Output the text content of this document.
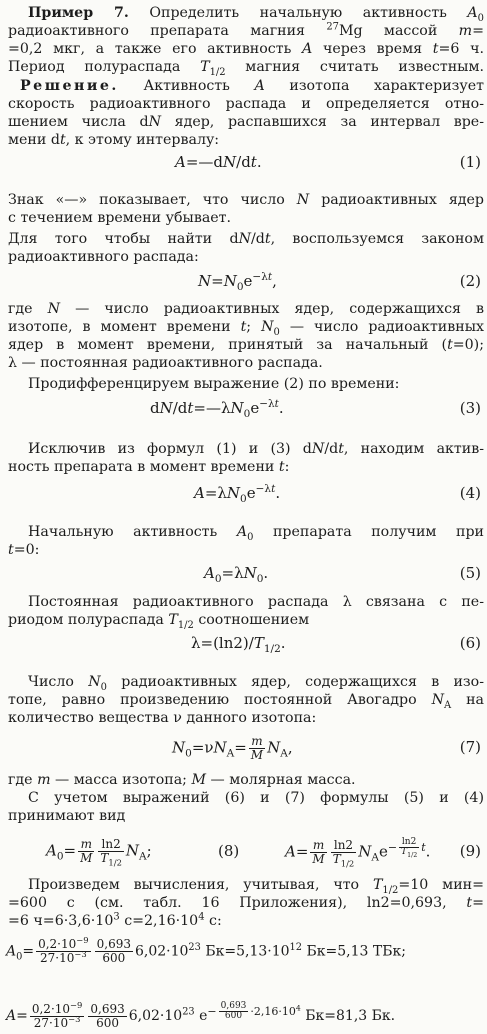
Пример 7. Определить начальную активность $A_0$
радиоактивного препарата магния $^{27}$Mg массой m=
=0,2 мкг, а также его активность A через время t=6 ч.
Период полураспада $T_{1/2}$ магния считать известным.
Решение. Активность A изотопа характеризует
скорость радиоактивного распада и определяется отно-
шением числа dN ядер, распавшихся за интервал вре-
мени dt, к этому интервалу:
A=—dN/dt.	(1)
Знак «—» показывает, что число N радиоактивных ядер
с течением времени убывает.
Для того чтобы найти dN/dt, воспользуемся законом
радиоактивного распада:
$N=N_0e^{-\lambda t}$,	(2)
где N — число радиоактивных ядер, содержащихся в
изотопе, в момент времени t; $N_0$ — число радиоактивных
ядер в момент времени, принятый за начальный (t=0);
λ — постоянная радиоактивного распада.
Продифференцируем выражение (2) по времени:
$dN/dt=—\lambda N_0e^{-\lambda t}$.	(3)
Исключив из формул (1) и (3) dN/dt, находим актив-
ность препарата в момент времени t:
$A=\lambda N_0e^{-\lambda t}$.	(4)
Начальную активность $A_0$ препарата получим при
t=0:
$A_0=\lambda N_0$.	(5)
Постоянная радиоактивного распада λ связана с пе-
риодом полураспада $T_{1/2}$ соотношением
$\lambda=(\ln 2)/T_{1/2}$.	(6)
Число $N_0$ радиоактивных ядер, содержащихся в изо-
топе, равно произведению постоянной Авогадро $N_A$ на
количество вещества ν данного изотопа:
$N_0=\nu N_A= \frac{m}{M} N_A$,	(7)
где m — масса изотопа; M — молярная масса.
С учетом выражений (6) и (7) формулы (5) и (4)
принимают вид
$A_0= \frac{m}{M} \frac{\ln 2}{T_{1/2}} N_A$;	(8)	$A= \frac{m}{M} \frac{\ln 2}{T_{1/2}} N_Ae^{- \frac{\ln 2}{T_{1/2}} t}$. (9)
Произведем вычисления, учитывая, что $T_{1/2}=10$ мин=
=600 с (см. табл. 16 Приложения), ln2=0,693, t=
=6 $ч=6\cdot 3,6\cdot 10^3$ $с=2,16\cdot 10^4$ с:
$A_0= \frac{0,2\cdot 10^{-9}}{27\cdot 10^{-3}} \frac{0,693}{600} 6,02\cdot 10^{23}$ $Бк=5,13\cdot 10^{12}$ Бк=5,13 ТБк;
$A= \frac{0,2\cdot 10^{-9}}{27\cdot 10^{-3}} \frac{0,693}{600} 6,02\cdot 10^{23}$ $e^{- \frac{0,693}{600} \cdot 2,16\cdot 10^4}$ Бк=81,3 Бк.
